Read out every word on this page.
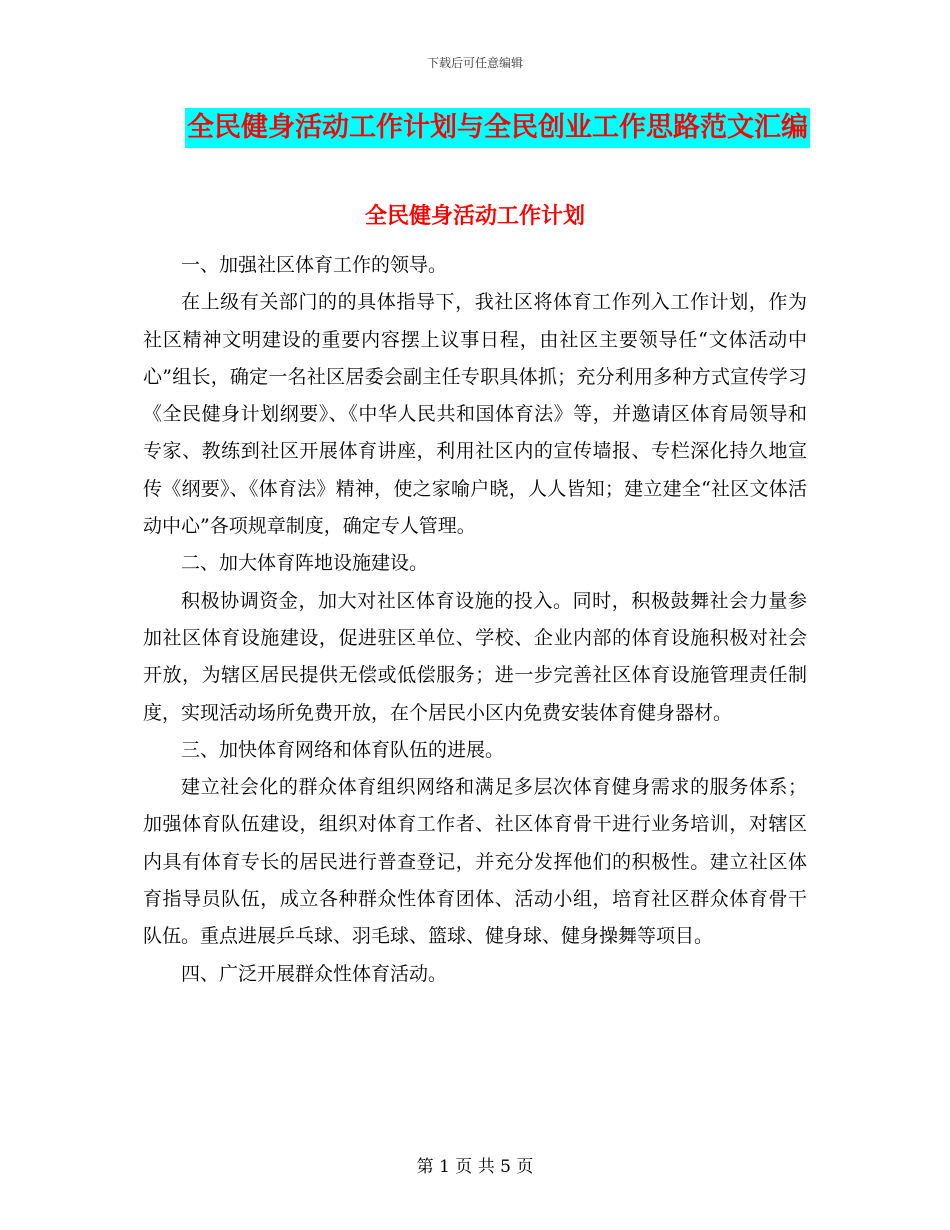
下载后可任意编辑
全民健身活动工作计划与全民创业工作思路范文汇编
全民健身活动工作计划

一、加强社区体育工作的领导。

在上级有关部门的的具体指导下，我社区将体育工作列入工作计划，作为社区精神文明建设的重要内容摆上议事日程，由社区主要领导任“文体活动中心”组长，确定一名社区居委会副主任专职具体抓；充分利用多种方式宣传学习《全民健身计划纲要》、《中华人民共和国体育法》等，并邀请区体育局领导和专家、教练到社区开展体育讲座，利用社区内的宣传墙报、专栏深化持久地宣传《纲要》、《体育法》精神，使之家喻户晓，人人皆知；建立建全“社区文体活动中心”各项规章制度，确定专人管理。

二、加大体育阵地设施建设。

积极协调资金，加大对社区体育设施的投入。同时，积极鼓舞社会力量参加社区体育设施建设，促进驻区单位、学校、企业内部的体育设施积极对社会开放，为辖区居民提供无偿或低偿服务；进一步完善社区体育设施管理责任制度，实现活动场所免费开放，在个居民小区内免费安装体育健身器材。

三、加快体育网络和体育队伍的进展。

建立社会化的群众体育组织网络和满足多层次体育健身需求的服务体系；加强体育队伍建设，组织对体育工作者、社区体育骨干进行业务培训，对辖区内具有体育专长的居民进行普查登记，并充分发挥他们的积极性。建立社区体育指导员队伍，成立各种群众性体育团体、活动小组，培育社区群众体育骨干队伍。重点进展乒乓球、羽毛球、篮球、健身球、健身操舞等项目。

四、广泛开展群众性体育活动。

第 1 页 共 5 页
